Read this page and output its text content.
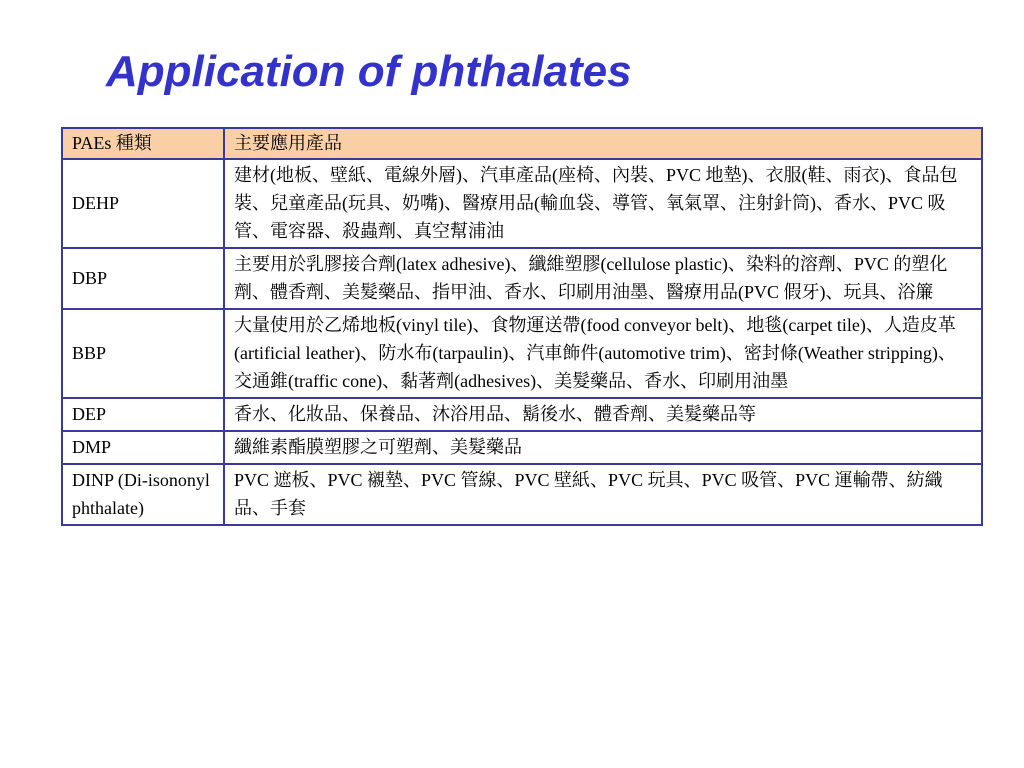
Application of phthalates
PAEs 種類	主要應用產品
DEHP	建材(地板、壁紙、電線外層)、汽車產品(座椅、內裝、PVC 地墊)、衣服(鞋、雨衣)、食品包裝、兒童產品(玩具、奶嘴)、醫療用品(輸血袋、導管、氧氣罩、注射針筒)、香水、PVC 吸管、電容器、殺蟲劑、真空幫浦油
DBP	主要用於乳膠接合劑(latex adhesive)、纖維塑膠(cellulose plastic)、染料的溶劑、PVC 的塑化劑、體香劑、美髮藥品、指甲油、香水、印刷用油墨、醫療用品(PVC 假牙)、玩具、浴簾
BBP	大量使用於乙烯地板(vinyl tile)、食物運送帶(food conveyor belt)、地毯(carpet tile)、人造皮革(artificial leather)、防水布(tarpaulin)、汽車飾件(automotive trim)、密封條(Weather stripping)、交通錐(traffic cone)、黏著劑(adhesives)、美髮藥品、香水、印刷用油墨
DEP	香水、化妝品、保養品、沐浴用品、鬍後水、體香劑、美髮藥品等
DMP	纖維素酯膜塑膠之可塑劑、美髮藥品
DINP (Di-isononyl phthalate)	PVC 遮板、PVC 襯墊、PVC 管線、PVC 壁紙、PVC 玩具、PVC 吸管、PVC 運輸帶、紡織品、手套
